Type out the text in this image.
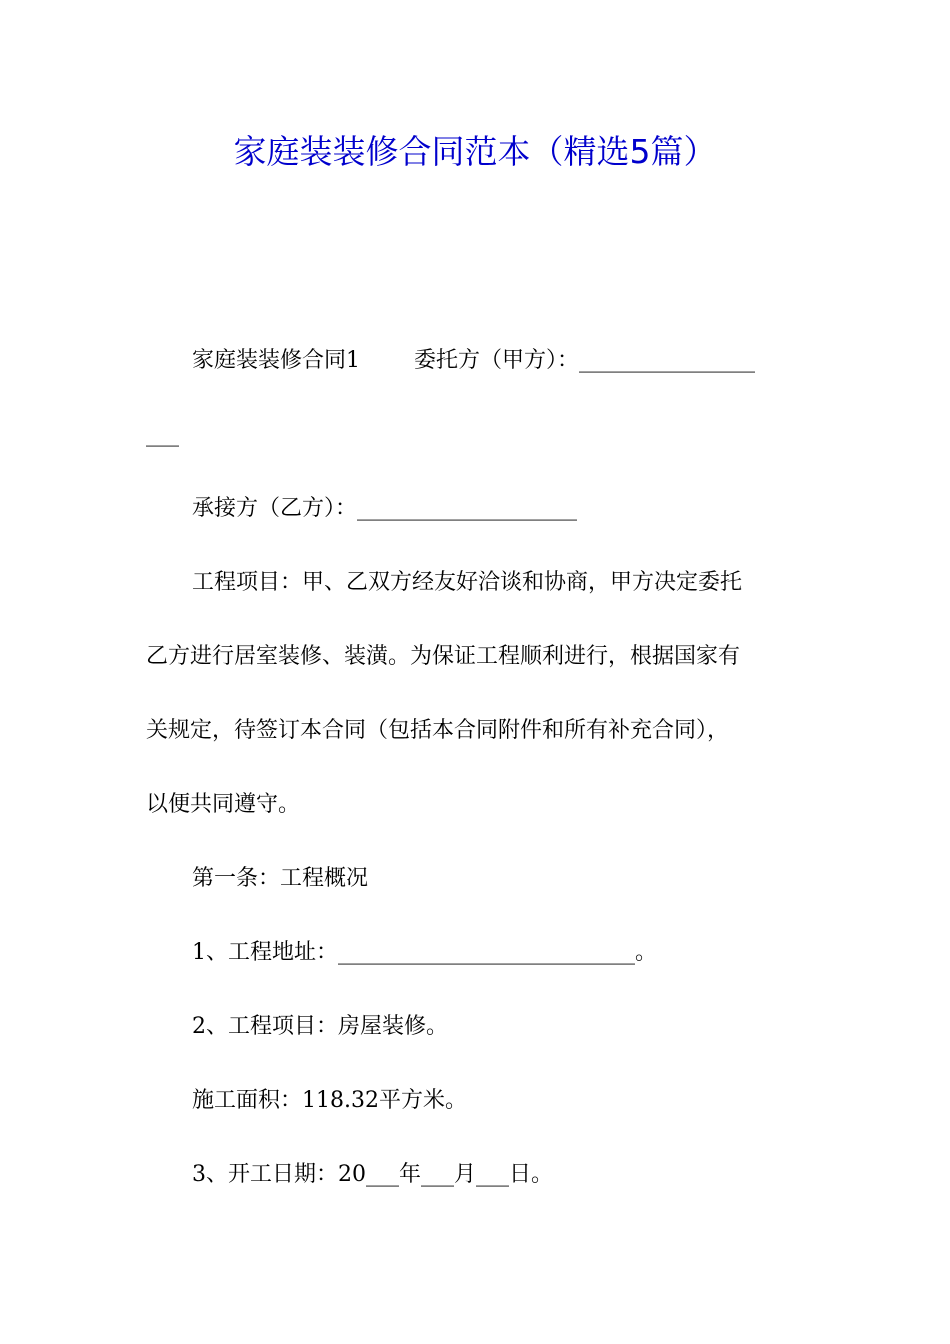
家庭装装修合同范本（精选5篇）
家庭装装修合同1 委托方（甲方）：________________
___
承接方（乙方）：____________________
工程项目：甲、乙双方经友好洽谈和协商，甲方决定委托
乙方进行居室装修、装潢。为保证工程顺利进行，根据国家有
关规定，待签订本合同（包括本合同附件和所有补充合同），
以便共同遵守。
第一条：工程概况
1、工程地址：___________________________。
2、工程项目：房屋装修。
施工面积：118.32平方米。
3、开工日期：20___年___月___日。
